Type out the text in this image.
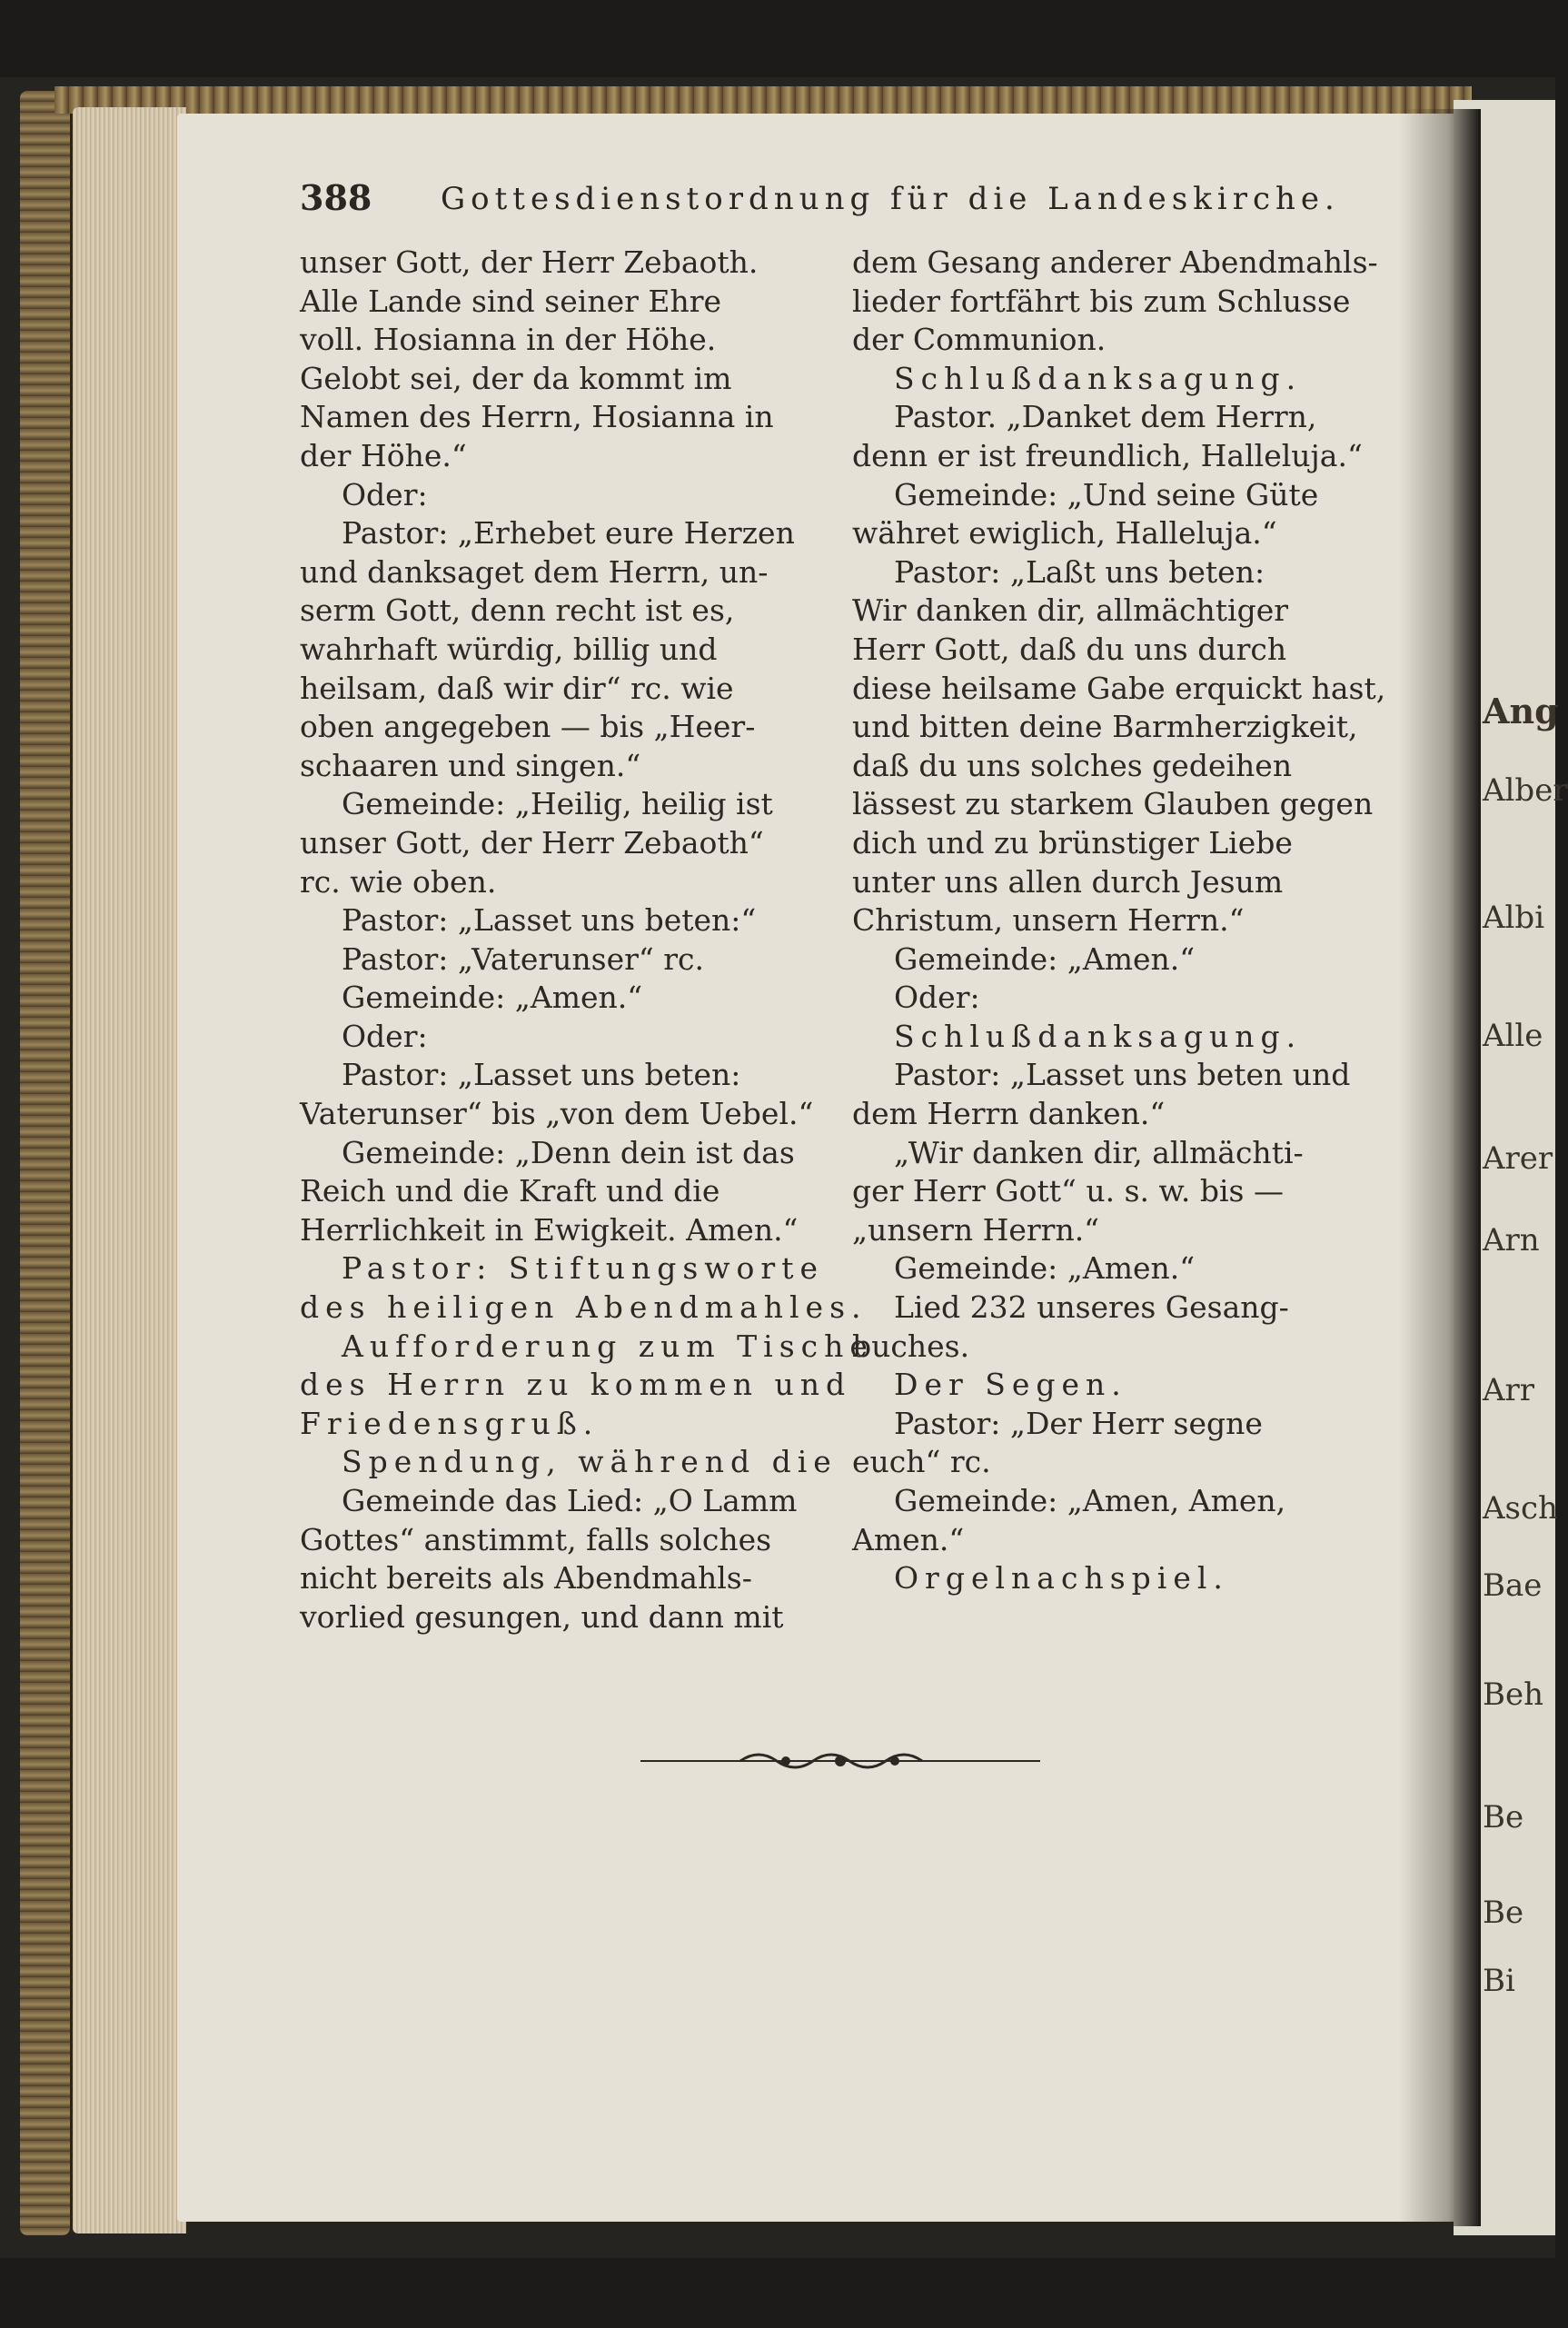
388 Gottesdienstordnung für die Landeskirche.
unser Gott, der Herr Zebaoth.
Alle Lande sind seiner Ehre
voll. Hosianna in der Höhe.
Gelobt sei, der da kommt im
Namen des Herrn, Hosianna in
der Höhe.“
Oder:
Pastor: „Erhebet eure Herzen
und danksaget dem Herrn, un-
serm Gott, denn recht ist es,
wahrhaft würdig, billig und
heilsam, daß wir dir“ rc. wie
oben angegeben — bis „Heer-
schaaren und singen.“
Gemeinde: „Heilig, heilig ist
unser Gott, der Herr Zebaoth“
rc. wie oben.
Pastor: „Lasset uns beten:“
Pastor: „Vaterunser“ rc.
Gemeinde: „Amen.“
Oder:
Pastor: „Lasset uns beten:
Vaterunser“ bis „von dem Uebel.“
Gemeinde: „Denn dein ist das
Reich und die Kraft und die
Herrlichkeit in Ewigkeit. Amen.“
Pastor: Stiftungsworte
des heiligen Abendmahles.
Aufforderung zum Tische
des Herrn zu kommen und
Friedensgruß.
Spendung, während die
Gemeinde das Lied: „O Lamm
Gottes“ anstimmt, falls solches
nicht bereits als Abendmahls-
vorlied gesungen, und dann mit
dem Gesang anderer Abendmahls-
lieder fortfährt bis zum Schlusse
der Communion.
Schlußdanksagung.
Pastor. „Danket dem Herrn,
denn er ist freundlich, Halleluja.“
Gemeinde: „Und seine Güte
währet ewiglich, Halleluja.“
Pastor: „Laßt uns beten:
Wir danken dir, allmächtiger
Herr Gott, daß du uns durch
diese heilsame Gabe erquickt hast,
und bitten deine Barmherzigkeit,
daß du uns solches gedeihen
lässest zu starkem Glauben gegen
dich und zu brünstiger Liebe
unter uns allen durch Jesum
Christum, unsern Herrn.“
Gemeinde: „Amen.“
Oder:
Schlußdanksagung.
Pastor: „Lasset uns beten und
dem Herrn danken.“
„Wir danken dir, allmächti-
ger Herr Gott“ u. s. w. bis —
„unsern Herrn.“
Gemeinde: „Amen.“
Lied 232 unseres Gesang-
buches.
Der Segen.
Pastor: „Der Herr segne
euch“ rc.
Gemeinde: „Amen, Amen,
Amen.“
Orgelnachspiel.
Ang
Alber
Albi
Alle
Arer
Arn
Arr
Asch
Bae
Beh
Be
Be
Bi
